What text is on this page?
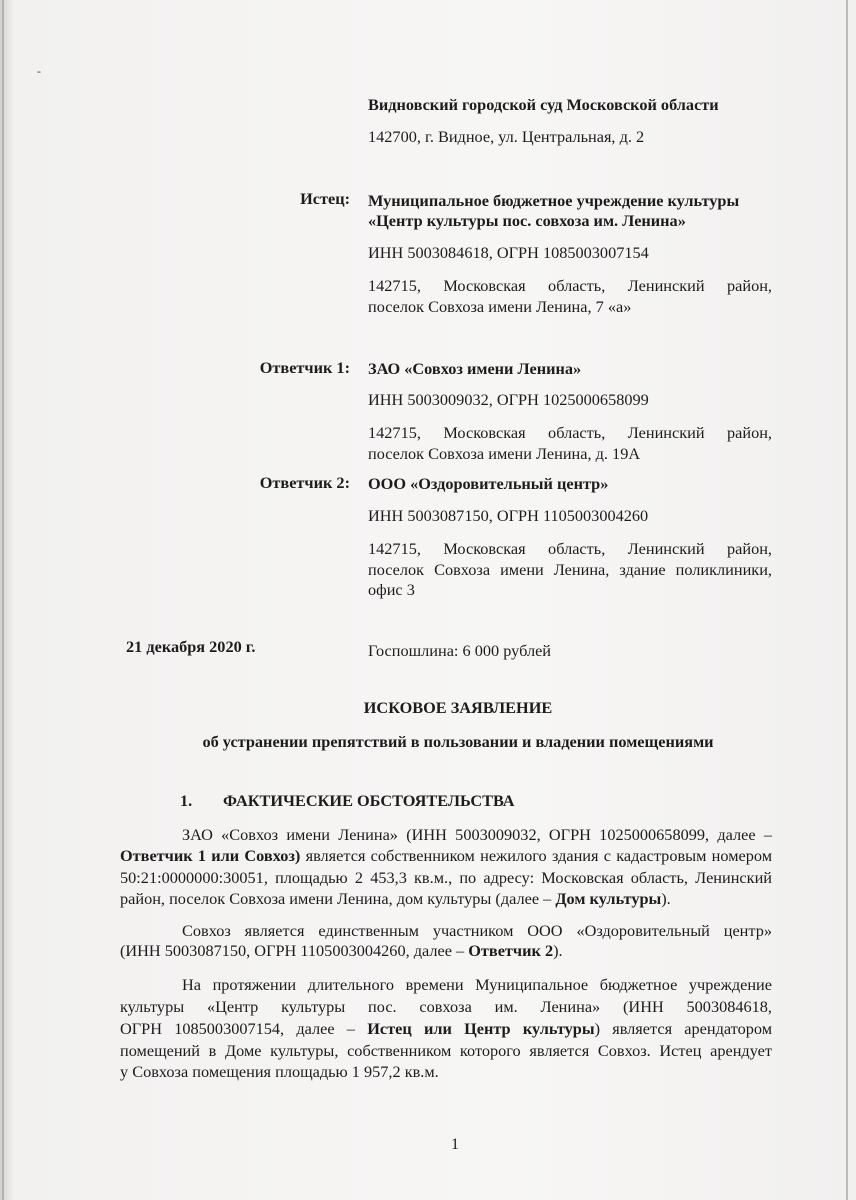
-
Видновский городской суд Московской области
142700, г. Видное, ул. Центральная, д. 2
Истец: Муниципальное бюджетное учреждение культуры
«Центр культуры пос. совхоза им. Ленина»
ИНН 5003084618, ОГРН 1085003007154
142715, Московская область, Ленинский район,
поселок Совхоза имени Ленина, 7 «а»
Ответчик 1: ЗАО «Совхоз имени Ленина»
ИНН 5003009032, ОГРН 1025000658099
142715, Московская область, Ленинский район,
поселок Совхоза имени Ленина, д. 19А
Ответчик 2: ООО «Оздоровительный центр»
ИНН 5003087150, ОГРН 1105003004260
142715, Московская область, Ленинский район,
поселок Совхоза имени Ленина, здание поликлиники,
офис 3
21 декабря 2020 г.	Госпошлина: 6 000 рублей
ИСКОВОЕ ЗАЯВЛЕНИЕ
об устранении препятствий в пользовании и владении помещениями
1. ФАКТИЧЕСКИЕ ОБСТОЯТЕЛЬСТВА
ЗАО «Совхоз имени Ленина» (ИНН 5003009032, ОГРН 1025000658099, далее –
Ответчик 1 или Совхоз) является собственником нежилого здания с кадастровым номером
50:21:0000000:30051, площадью 2 453,3 кв.м., по адресу: Московская область, Ленинский
район, поселок Совхоза имени Ленина, дом культуры (далее – Дом культуры).
Совхоз является единственным участником ООО «Оздоровительный центр»
(ИНН 5003087150, ОГРН 1105003004260, далее – Ответчик 2).
На протяжении длительного времени Муниципальное бюджетное учреждение
культуры «Центр культуры пос. совхоза им. Ленина» (ИНН 5003084618,
ОГРН 1085003007154, далее – Истец или Центр культуры) является арендатором
помещений в Доме культуры, собственником которого является Совхоз. Истец арендует
у Совхоза помещения площадью 1 957,2 кв.м.
1
